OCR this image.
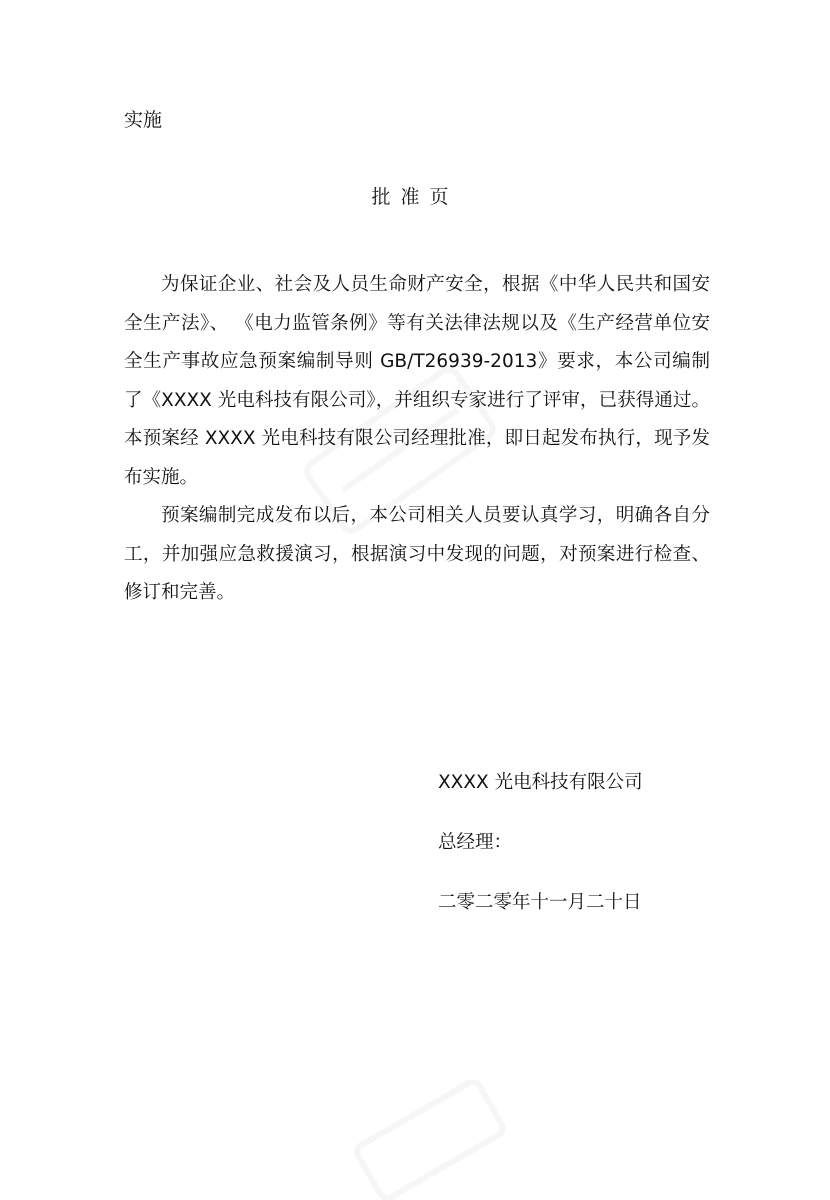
实施
批准页

为保证企业、社会及人员生命财产安全，根据《中华人民共和国安全生产法》、 《电力监管条例》等有关法律法规以及《生产经营单位安全生产事故应急预案编制导则 GB/T26939-2013》要求，本公司编制了《XXXX 光电科技有限公司》，并组织专家进行了评审，已获得通过。本预案经 XXXX 光电科技有限公司经理批准，即日起发布执行，现予发布实施。

预案编制完成发布以后，本公司相关人员要认真学习，明确各自分工，并加强应急救援演习，根据演习中发现的问题，对预案进行检查、修订和完善。

XXXX 光电科技有限公司

总经理：

二零二零年十一月二十日
